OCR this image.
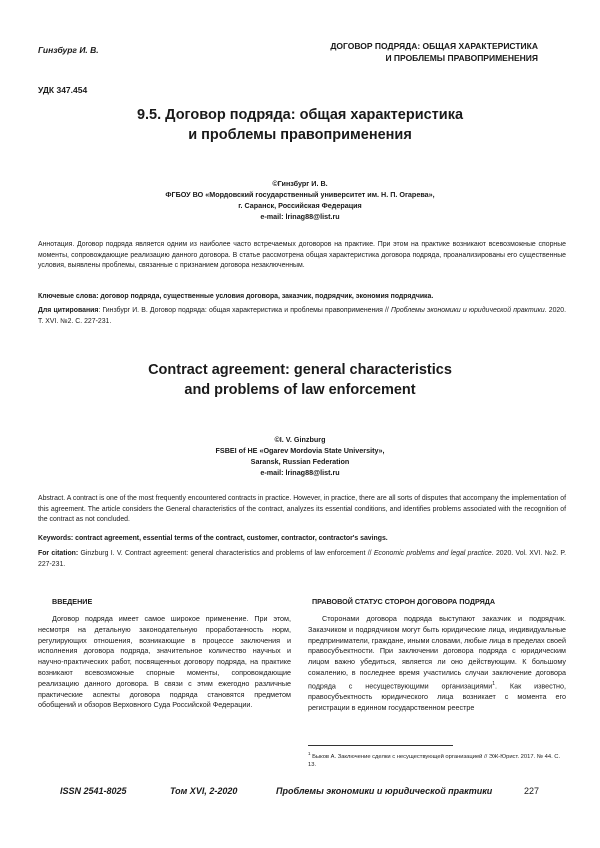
Гинзбург И. В.	ДОГОВОР ПОДРЯДА: ОБЩАЯ ХАРАКТЕРИСТИКА
И ПРОБЛЕМЫ ПРАВОПРИМЕНЕНИЯ
УДК 347.454
9.5. Договор подряда: общая характеристика
и проблемы правоприменения
©Гинзбург И. В.
ФГБОУ ВО «Мордовский государственный университет им. Н. П. Огарева»,
г. Саранск, Российская Федерация
e-mail: lrinag88@list.ru
Аннотация. Договор подряда является одним из наиболее часто встречаемых договоров на практике. При этом на практике возникают всевозможные спорные моменты, сопровождающие реализацию данного договора. В статье рассмотрена общая характеристика договора подряда, проанализированы его существенные условия, выявлены проблемы, связанные с признанием договора незаключенным.
Ключевые слова: договор подряда, существенные условия договора, заказчик, подрядчик, экономия подрядчика.
Для цитирования: Гинзбург И. В. Договор подряда: общая характеристика и проблемы правоприменения // Проблемы экономики и юридической практики. 2020. Т. XVI. №2. С. 227-231.
Contract agreement: general characteristics
and problems of law enforcement
©I. V. Ginzburg
FSBEI of HE «Ogarev Mordovia State University»,
Saransk, Russian Federation
e-mail: lrinag88@list.ru
Abstract. A contract is one of the most frequently encountered contracts in practice. However, in practice, there are all sorts of disputes that accompany the implementation of this agreement. The article considers the General characteristics of the contract, analyzes its essential conditions, and identifies problems associated with the recognition of the contract as not concluded.
Keywords: contract agreement, essential terms of the contract, customer, contractor, contractor's savings.
For citation: Ginzburg I. V. Contract agreement: general characteristics and problems of law enforcement // Economic problems and legal practice. 2020. Vol. XVI. №2. P. 227-231.
ВВЕДЕНИЕ
Договор подряда имеет самое широкое применение. При этом, несмотря на детальную законодательную проработанность норм, регулирующих отношения, возникающие в процессе заключения и исполнения договора подряда, значительное количество научных и научно-практических работ, посвященных договору подряда, на практике возникают всевозможные спорные моменты, сопровождающие реализацию данного договора. В связи с этим ежегодно различные практические аспекты договора подряда становятся предметом обобщений и обзоров Верховного Суда Российской Федерации.
ПРАВОВОЙ СТАТУС СТОРОН ДОГОВОРА ПОДРЯДА
Сторонами договора подряда выступают заказчик и подрядчик. Заказчиком и подрядчиком могут быть юридические лица, индивидуальные предприниматели, граждане, иными словами, любые лица в пределах своей правосубъектности. При заключении договора подряда с юридическим лицом важно убедиться, является ли оно действующим. К большому сожалению, в последнее время участились случаи заключение договора подряда с несуществующими организациями$^1$. Как известно, правосубъектность юридического лица возникает с момента его регистрации в единном государственном реестре
$^1$ Быков А. Заключение сделки с несуществующей организацией // ЭЖ-Юрист. 2017. № 44. С. 13.
ISSN 2541-8025	Том XVI, 2-2020	Проблемы экономики и юридической практики	227
